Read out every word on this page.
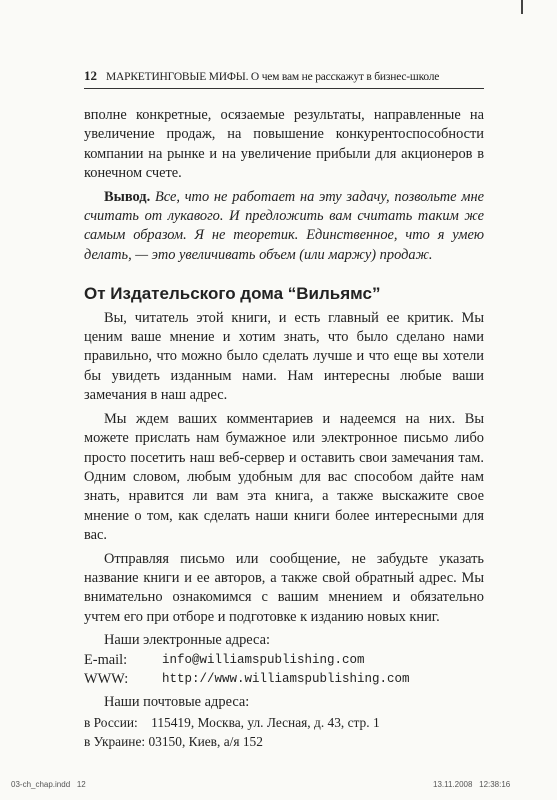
12 МАРКЕТИНГОВЫЕ МИФЫ. О чем вам не расскажут в бизнес-школе

вполне конкретные, осязаемые результаты, направленные на увеличение продаж, на повышение конкурентоспособности компании на рынке и на увеличение прибыли для акционеров в конечном счете.

Вывод. Все, что не работает на эту задачу, позвольте мне считать от лукавого. И предложить вам считать таким же самым образом. Я не теоретик. Единственное, что я умею делать, — это увеличивать объем (или маржу) продаж.

От Издательского дома “Вильямс”

Вы, читатель этой книги, и есть главный ее критик. Мы ценим ваше мнение и хотим знать, что было сделано нами правильно, что можно было сделать лучше и что еще вы хотели бы увидеть изданным нами. Нам интересны любые ваши замечания в наш адрес.

Мы ждем ваших комментариев и надеемся на них. Вы можете прислать нам бумажное или электронное письмо либо просто посетить наш веб-сервер и оставить свои замечания там. Одним словом, любым удобным для вас способом дайте нам знать, нравится ли вам эта книга, а также выскажите свое мнение о том, как сделать наши книги более интересными для вас.

Отправляя письмо или сообщение, не забудьте указать название книги и ее авторов, а также свой обратный адрес. Мы внимательно ознакомимся с вашим мнением и обязательно учтем его при отборе и подготовке к изданию новых книг.

Наши электронные адреса:

E-mail:	info@williamspublishing.com
WWW:	http://www.williamspublishing.com

Наши почтовые адреса:

в России:    115419, Москва, ул. Лесная, д. 43, стр. 1

в Украине: 03150, Киев, а/я 152

03-ch_chap.indd   12	13.11.2008   12:38:16
